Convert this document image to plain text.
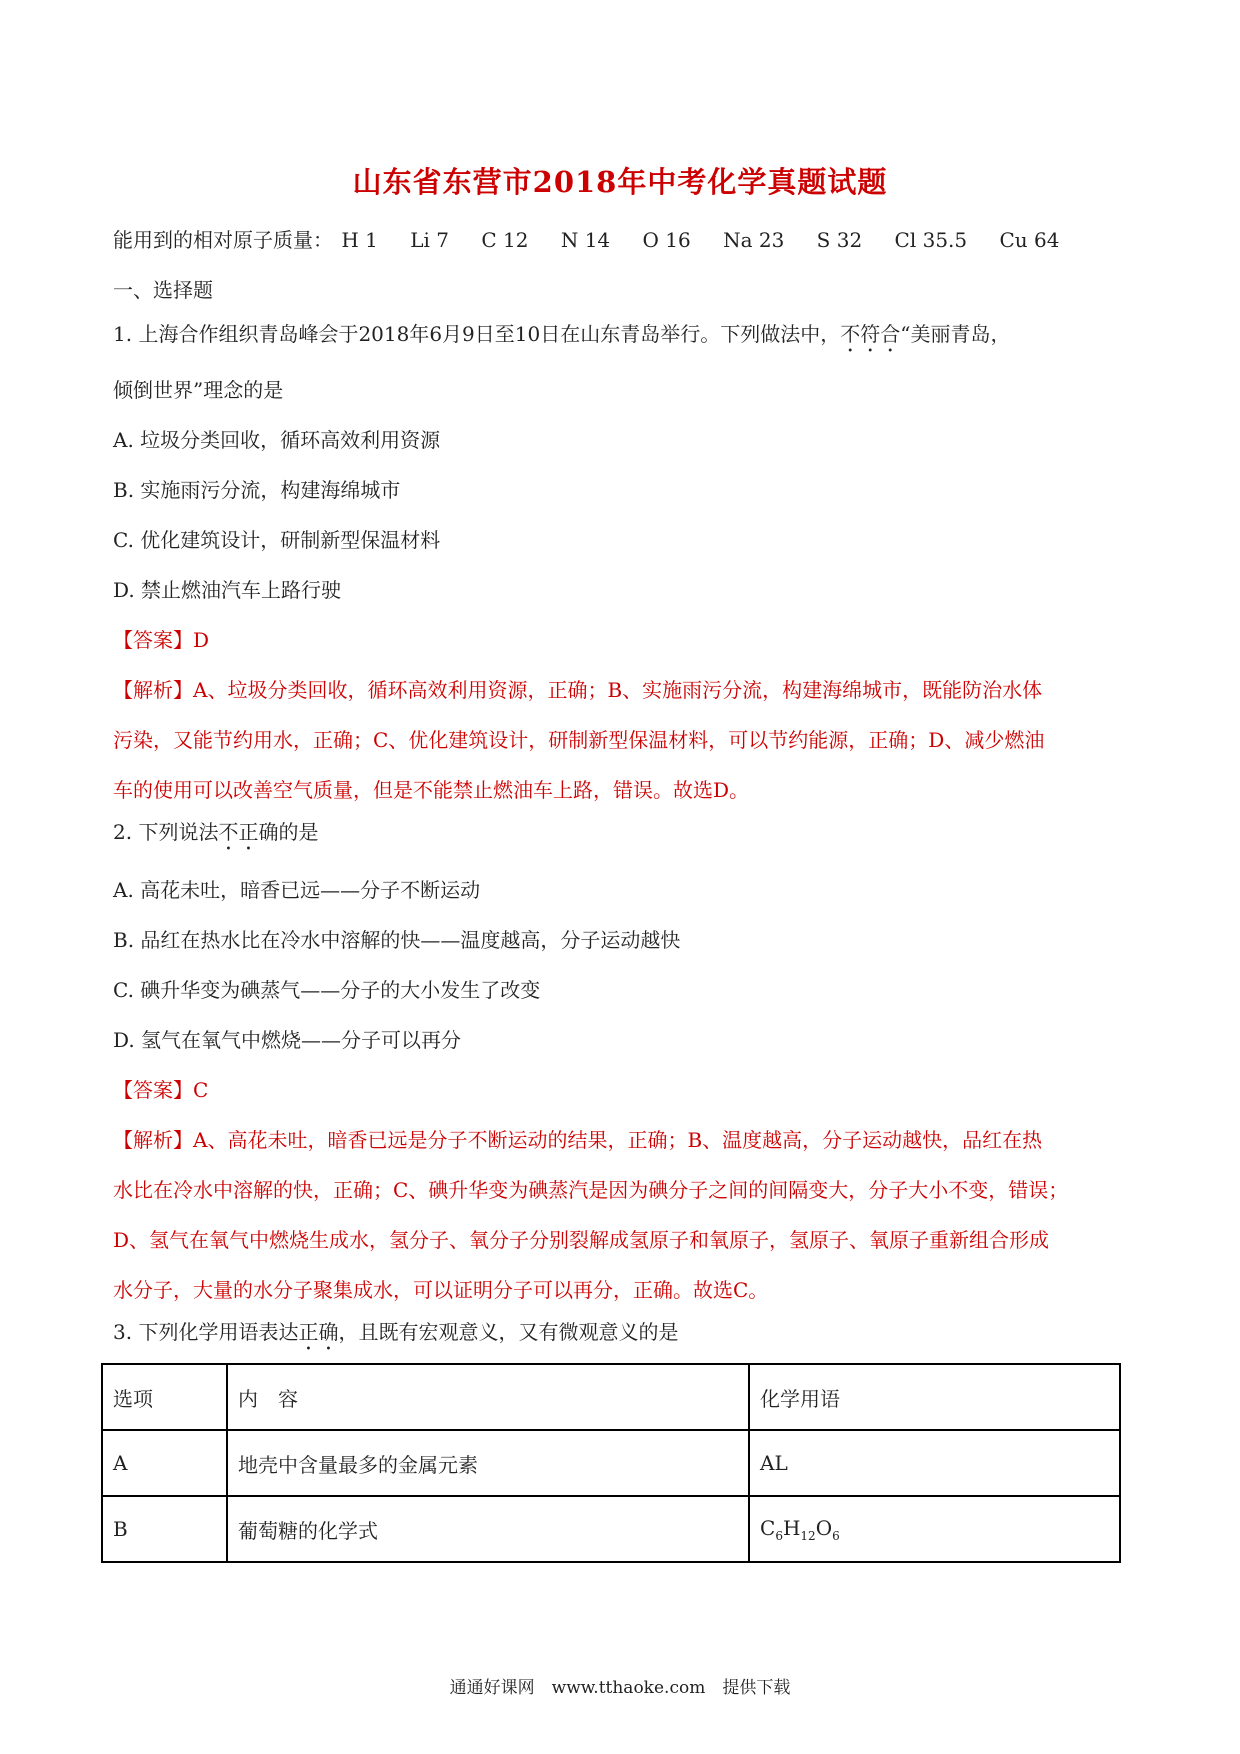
山东省东营市2018年中考化学真题试题
能用到的相对原子质量： H 1 Li 7 C 12 N 14 O 16 Na 23 S 32 Cl 35.5 Cu 64
一、选择题
1. 上海合作组织青岛峰会于2018年6月9日至10日在山东青岛举行。下列做法中，不符合“美丽青岛，
倾倒世界”理念的是
A. 垃圾分类回收，循环高效利用资源
B. 实施雨污分流，构建海绵城市
C. 优化建筑设计，研制新型保温材料
D. 禁止燃油汽车上路行驶
【答案】D
【解析】A、垃圾分类回收，循环高效利用资源，正确；B、实施雨污分流，构建海绵城市，既能防治水体
污染，又能节约用水，正确；C、优化建筑设计，研制新型保温材料，可以节约能源，正确；D、减少燃油
车的使用可以改善空气质量，但是不能禁止燃油车上路，错误。故选D。
2. 下列说法不正确的是
A. 高花未吐，暗香已远——分子不断运动
B. 品红在热水比在冷水中溶解的快——温度越高，分子运动越快
C. 碘升华变为碘蒸气——分子的大小发生了改变
D. 氢气在氧气中燃烧——分子可以再分
【答案】C
【解析】A、高花未吐，暗香已远是分子不断运动的结果，正确；B、温度越高，分子运动越快，品红在热
水比在冷水中溶解的快，正确；C、碘升华变为碘蒸汽是因为碘分子之间的间隔变大，分子大小不变，错误；
D、氢气在氧气中燃烧生成水，氢分子、氧分子分别裂解成氢原子和氧原子，氢原子、氧原子重新组合形成
水分子，大量的水分子聚集成水，可以证明分子可以再分，正确。故选C。
3. 下列化学用语表达正确，且既有宏观意义，又有微观意义的是
选项	内　容	化学用语
A	地壳中含量最多的金属元素	AL
B	葡萄糖的化学式	$C_6H_{12}O_6$
通通好课网　www.tthaoke.com　提供下载
